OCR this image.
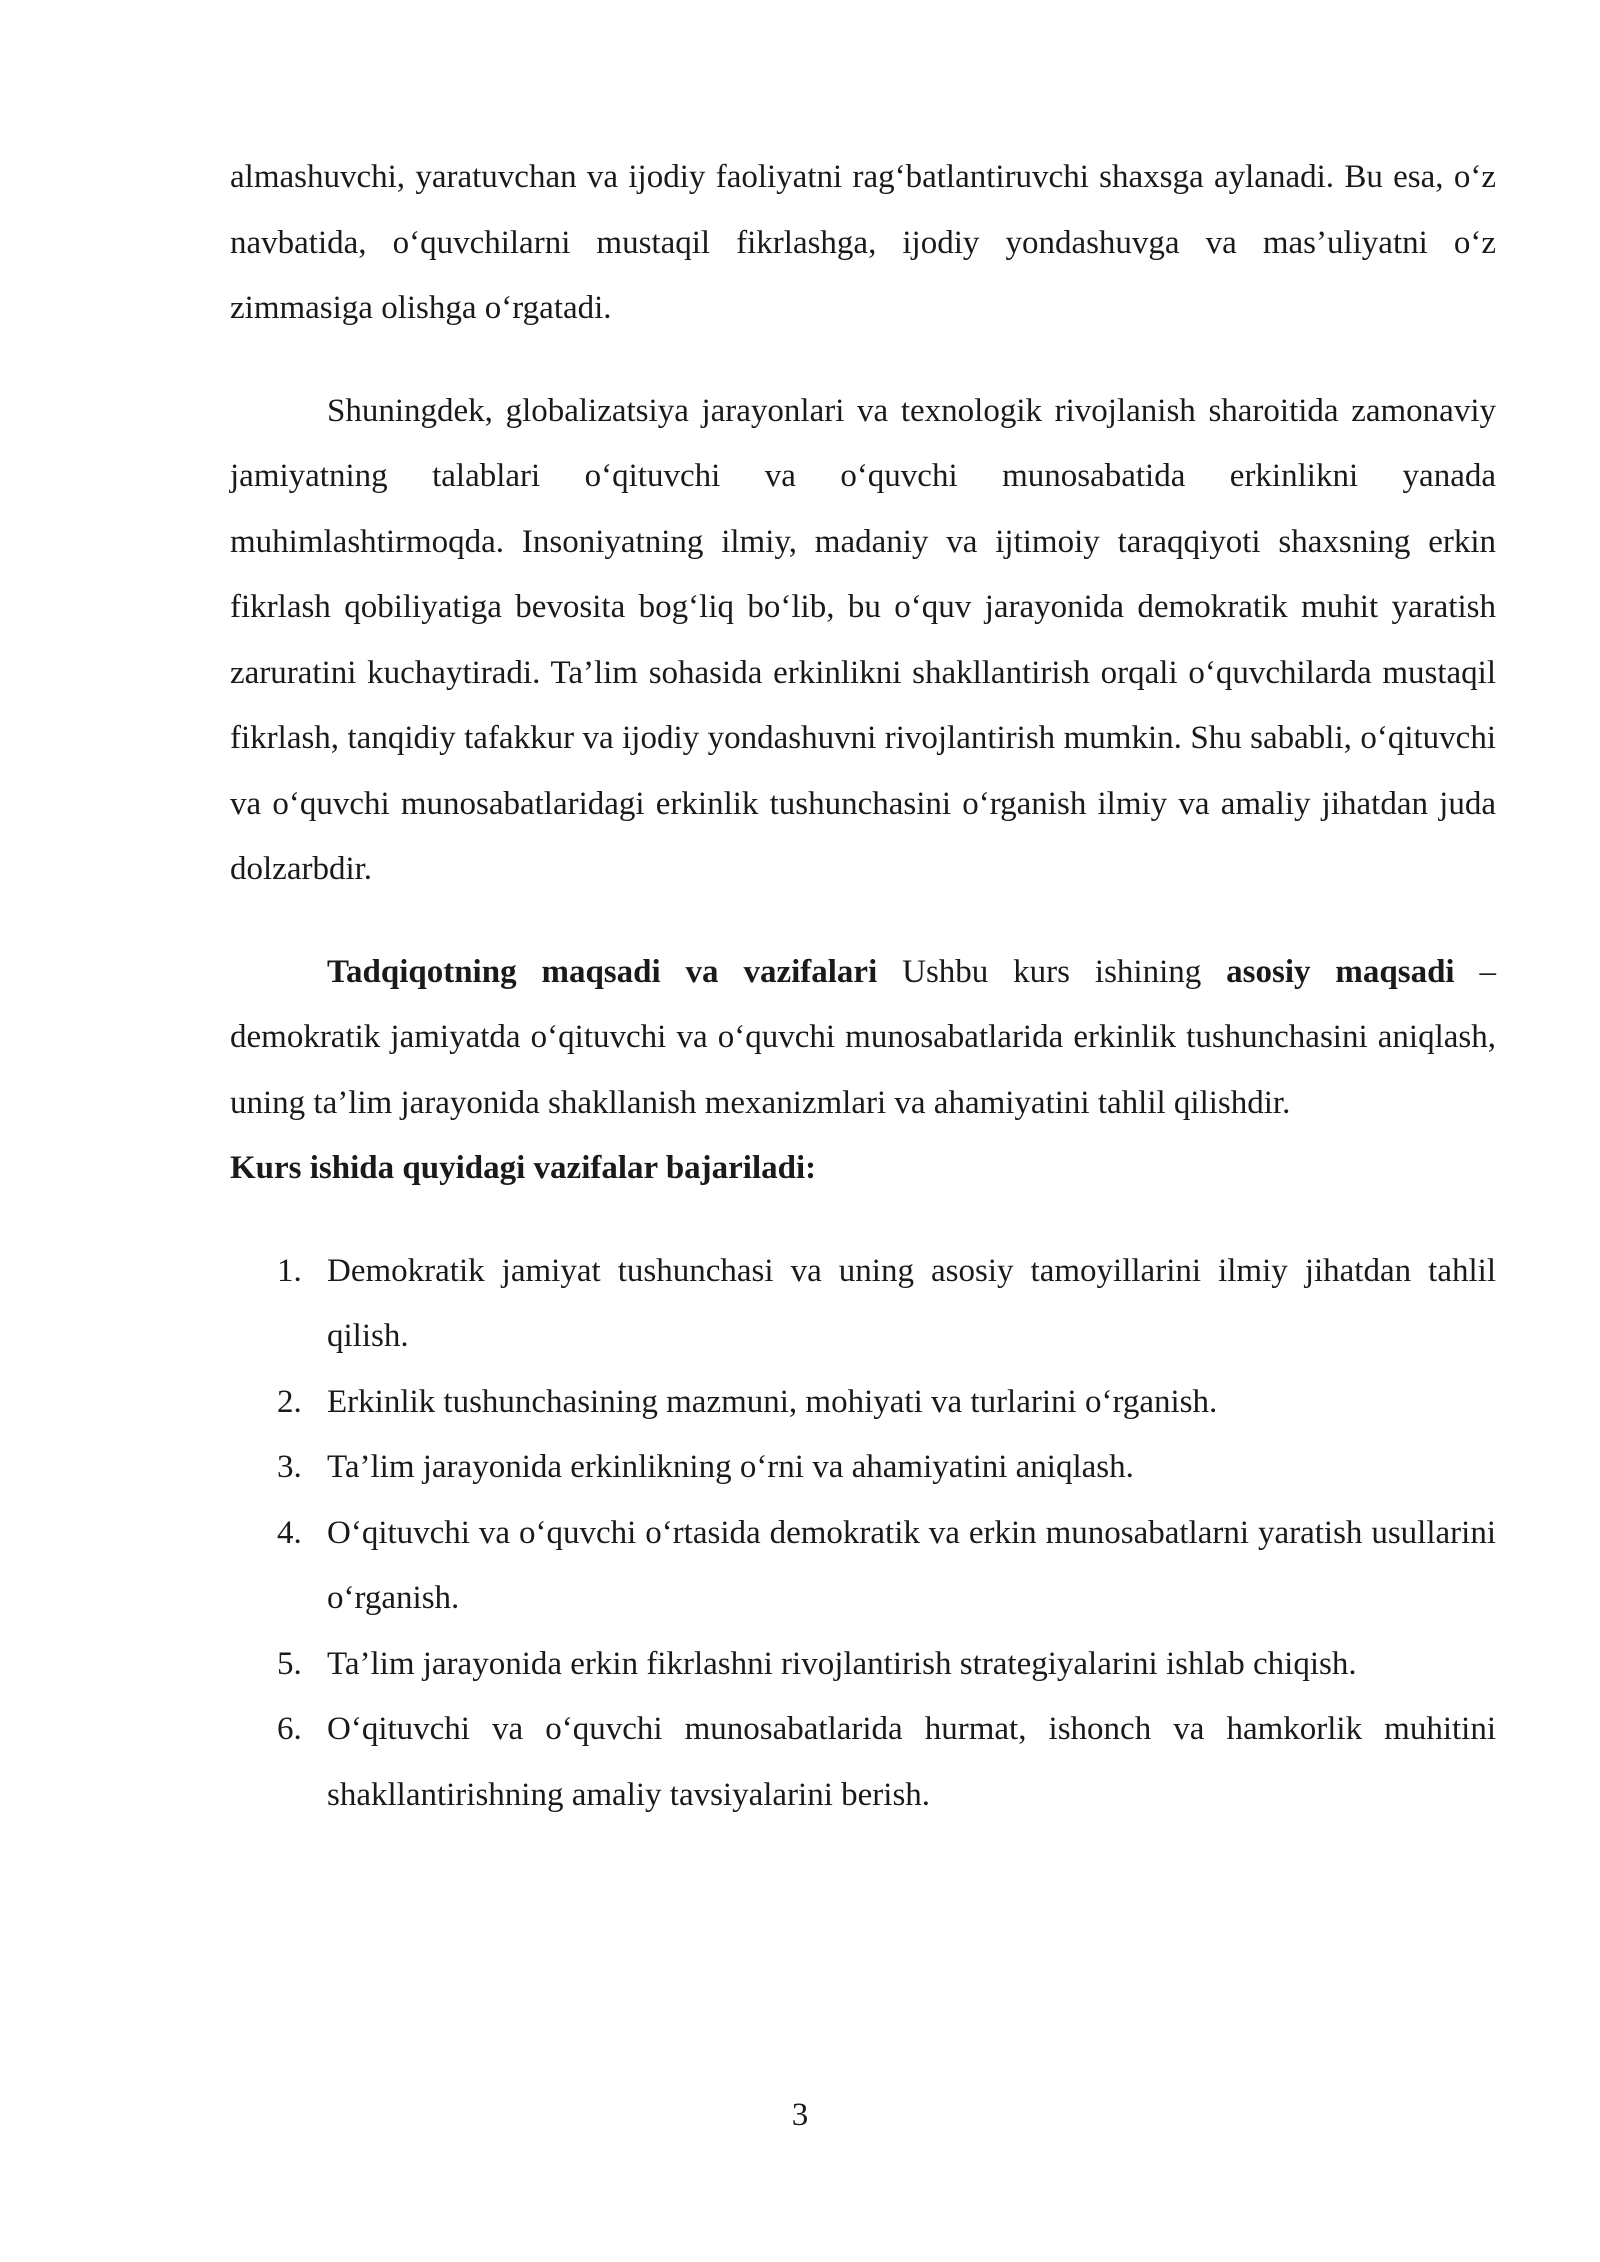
almashuvchi, yaratuvchan va ijodiy faoliyatni rag‘batlantiruvchi shaxsga aylanadi. Bu esa, o‘z navbatida, o‘quvchilarni mustaqil fikrlashga, ijodiy yondashuvga va mas’uliyatni o‘z zimmasiga olishga o‘rgatadi.

Shuningdek, globalizatsiya jarayonlari va texnologik rivojlanish sharoitida zamonaviy jamiyatning talablari o‘qituvchi va o‘quvchi munosabatida erkinlikni yanada muhimlashtirmoqda. Insoniyatning ilmiy, madaniy va ijtimoiy taraqqiyoti shaxsning erkin fikrlash qobiliyatiga bevosita bog‘liq bo‘lib, bu o‘quv jarayonida demokratik muhit yaratish zaruratini kuchaytiradi. Ta’lim sohasida erkinlikni shakllantirish orqali o‘quvchilarda mustaqil fikrlash, tanqidiy tafakkur va ijodiy yondashuvni rivojlantirish mumkin. Shu sababli, o‘qituvchi va o‘quvchi munosabatlaridagi erkinlik tushunchasini o‘rganish ilmiy va amaliy jihatdan juda dolzarbdir.

Tadqiqotning maqsadi va vazifalari Ushbu kurs ishining asosiy maqsadi – demokratik jamiyatda o‘qituvchi va o‘quvchi munosabatlarida erkinlik tushunchasini aniqlash, uning ta’lim jarayonida shakllanish mexanizmlari va ahamiyatini tahlil qilishdir.

Kurs ishida quyidagi vazifalar bajariladi:

1. Demokratik jamiyat tushunchasi va uning asosiy tamoyillarini ilmiy jihatdan tahlil qilish.
2. Erkinlik tushunchasining mazmuni, mohiyati va turlarini o‘rganish.
3. Ta’lim jarayonida erkinlikning o‘rni va ahamiyatini aniqlash.
4. O‘qituvchi va o‘quvchi o‘rtasida demokratik va erkin munosabatlarni yaratish usullarini o‘rganish.
5. Ta’lim jarayonida erkin fikrlashni rivojlantirish strategiyalarini ishlab chiqish.
6. O‘qituvchi va o‘quvchi munosabatlarida hurmat, ishonch va hamkorlik muhitini shakllantirishning amaliy tavsiyalarini berish.
3
